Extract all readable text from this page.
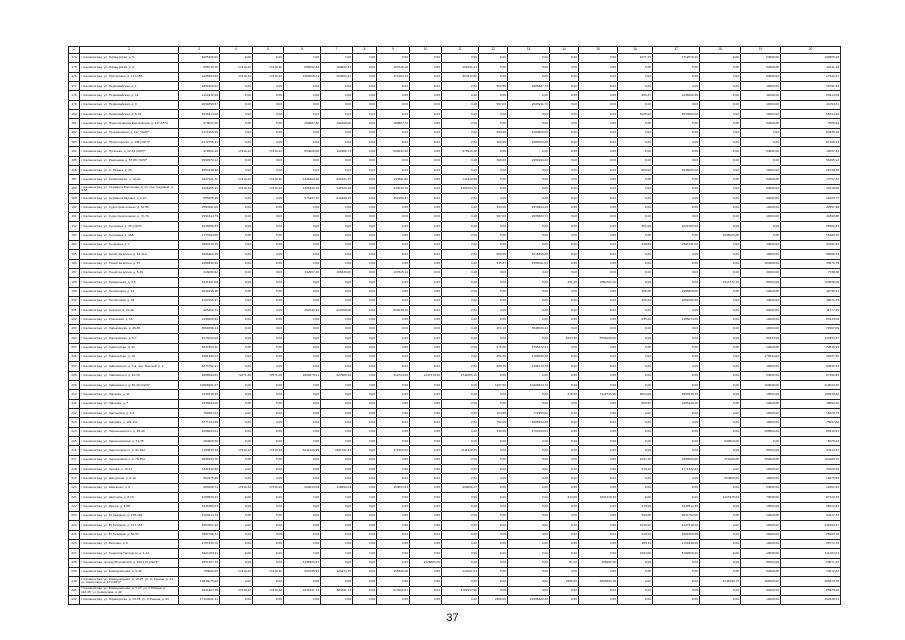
1	2	3	4	5	6	7	8	9	10	11	12	13	14	15	16	17	18	19	20
174	г. Калининград, ул. Офицерская, д. 5	4825325,00	0,00	0,00	0,00	0,00	0,00	0,00	0,00	0,00	0,00	0,00	0,00	0,00	1071,15	4712079,00	0,00	63000,00	100805,40
175	г. Калининград, ул. Офицерская, д. 9	995710,50	17410,42	17410,42	886052,34	160823,31	0,00	167228,18	0,00	251031,21	0,00	0,00	0,00	0,00	0,00	0,00	0,00	63000,00	19411,29
176	г. Калининград, ул. Пастернака, д. 127-155	1165504,80	17410,42	17410,42	1266065,34	204584,41	0,00	371464,13	0,00	623412,50	0,00	0,00	0,00	0,00	0,00	0,00	0,00	63000,00	27342,07
177	г. Калининград, ул. Первомайская, д. 1	1851950,02	0,00	0,00	0,00	0,00	0,00	0,00	0,00	0,00	552,50	1805347,70	0,00	0,00	0,00	0,00	0,00	10000,00	36791,54
178	г. Калининград, ул. Первомайская, д. 14	1314972,69	0,00	0,00	0,00	0,00	0,00	0,00	0,00	0,00	0,00	0,00	0,00	0,00	969,47	1246600,00	0,00	42000,00	26414,69
179	г. Калининград, ул. Первомайская, д. 3	2099396,57	0,00	0,00	0,00	0,00	0,00	0,00	0,00	0,00	597,00	2025211,76	0,00	0,00	0,00	0,00	0,00	10000,00	41154,81
180	г. Калининград, ул. Первомайская, д. 6-12	4616314,00	0,00	0,00	0,00	0,00	0,00	0,00	0,00	0,00	0,00	0,00	0,00	0,00	1025,00	4510000,00	0,00	10000,00	96314,00
181	г. Калининград, ул. Подполковника Емельянова, д. 137-137А	470537,00	0,00	0,00	268687,40	101698,00	0,00	188857,74	0,00	0,00	0,00	0,00	0,00	0,00	0,00	0,00	0,00	63000,00	7585,69
182	г. Калининград, ул. Просвещения, д. 117 (ОКН)*	3171265,56	0,00	0,00	0,00	0,00	0,00	0,00	0,00	0,00	593,00	3100820,00	0,00	0,00	0,00	0,00	0,00	0,00	64435,16
183	г. Калининград, ул. Пролетарская, д. 135 (ОКН)*	4172755,21	0,00	0,00	0,00	0,00	0,00	0,00	0,00	0,00	900,00	4080290,00	0,00	0,00	0,00	0,00	0,00	0,00	87465,21
184	г. Калининград, ул. Пугачева, д. 12-14 (ОКН)*	972006,19	17410,42	17410,42	854008,08	110980,73	0,00	599032,26	0,00	979916,38	0,00	0,00	0,00	0,00	0,00	0,00	0,00	63000,00	18037,39
185	г. Калининград, ул. Радищева, д. 87-89 (ОКН)*	2509673,12	0,00	0,00	0,00	0,00	0,00	0,00	0,00	0,00	300,00	2451194,00	0,00	0,00	0,00	0,00	0,00	0,00	53455,12
186	г. Калининград, ул. С. Разина, д. 26	4657838,98	0,00	0,00	0,00	0,00	0,00	0,00	0,00	0,00	0,00	0,00	0,00	0,00	900,00	4536000,00	0,00	10000,00	92218,40
187	г. Калининград, ул. Сапфировая, д. 14-20	3427011,32	17410,42	17410,42	1328204,28	521031,37	0,00	294811,86	0,00	716110,88	0,00	0,00	0,00	0,00	0,00	0,00	0,00	63000,00	73757,22
188	г. Калининград, ул. Сержанта Колоскова, д. 13, пер. Садовый, д. 4-6А	2416465,91	17410,42	17410,42	1206339,35	941525,18	0,00	434040,78	0,00	1450763,76	0,00	0,00	0,00	0,00	0,00	0,00	0,00	63000,00	49718,68
189	г. Калининград, ул. Сержанта Щукина, д. 2-10	856265,20	0,00	0,00	776467,40	644405,45	0,00	352166,47	0,00	0,00	0,00	0,00	0,00	0,00	0,00	0,00	0,00	63000,00	10428,77
190	г. Калининград, ул. Судостроительная, д. 52-56	2593911,00	0,00	0,00	0,00	0,00	0,00	0,00	0,00	0,00	493,00	2515994,29	0,00	0,00	0,00	0,00	0,00	10000,00	32557,98
191	г. Калининград, ул. Судостроительная, д. 70-70	2564444,79	0,00	0,00	0,00	0,00	0,00	0,00	0,00	0,00	507,00	2505663,71	0,00	0,00	0,00	0,00	0,00	10000,00	41890,68
192	г. Калининград, ул. Тельмана, д. 35 (ОКН)*	4015556,84	0,00	0,00	0,00	0,00	0,00	0,00	0,00	0,00	0,00	0,00	0,00	0,00	861,00	4022100,00	0,00	0,00	86586,84
193	г. Калининград, ул. Тельмана, д. 45А	1777094,86	0,00	0,00	0,00	0,00	0,00	0,00	0,00	0,00	0,00	0,00	0,00	0,00	0,00	0,00	1865020,00	0,00	56189,40
194	г. Калининград, ул. Тельмана, д. 7	2694113,15	0,00	0,00	0,00	0,00	0,00	0,00	0,00	0,00	0,00	0,00	0,00	0,00	448,89	2561911,02	0,00	10000,00	54011,32
195	г. Калининград, ул. Тенистая аллея, д. 31-31А	3298402,20	0,00	0,00	0,00	0,00	0,00	0,00	0,00	0,00	659,00	3216406,00	0,00	0,00	0,00	0,00	0,00	10000,00	68086,33
196	г. Калининград, ул. Тенистая аллея, д. 37	2664846,56	0,00	0,00	0,00	0,00	0,00	0,00	0,00	0,00	515,87	2596091,04	0,00	0,00	0,00	0,00	0,00	193280,00	53575,79
197	г. Калининград, ул. Тенистая аллея, д. 6-10	416096,62	0,00	0,00	342957,16	165249,00	0,00	137626,14	0,00	0,00	0,00	0,00	0,00	0,00	0,00	0,00	0,00	63000,00	7738,38
198	г. Калининград, ул. Тимирязева, д. 3-5	5241391,08	0,00	0,00	0,00	0,00	0,00	0,00	0,00	0,00	0,00	0,00	461,20	2082311,62	0,00	0,00	2114772,76	63000,00	129098,09
199	г. Калининград, ул. Тихорецкая, д. 14	2039195,48	0,00	0,00	0,00	0,00	0,00	0,00	0,00	0,00	0,00	0,00	0,00	0,00	358,00	1965858,00	0,00	10000,00	42745,61
200	г. Калининград, ул. Тихорецкая, д. 33	2197005,97	0,00	0,00	0,00	0,00	0,00	0,00	0,00	0,00	0,00	0,00	0,00	0,00	405,30	2051092,00	0,00	10000,00	45971,77
201	г. Калининград, ул. Томская, д. 22-26	625152,73	0,00	0,00	259746,92	221058,00	0,00	320038,94	0,00	0,00	0,00	0,00	0,00	0,00	0,00	0,00	0,00	63000,00	11777,65
202	г. Калининград, ул. Уральская, д. 16	2440626,92	0,00	0,00	0,00	0,00	0,00	0,00	0,00	0,00	0,00	0,00	0,00	0,00	635,40	2395074,00	0,00	10000,00	50133,00
203	г. Калининград, ул. Харьковская, д. 28-30	3664656,13	0,00	0,00	0,00	0,00	0,00	0,00	0,00	0,00	401,10	3548039,44	0,00	0,00	0,00	0,00	0,00	10000,00	71567,09
204	г. Калининград, ул. Хорьковская, д. 5-7	5776002,00	0,00	0,00	0,00	0,00	0,00	0,00	0,00	0,00	0,00	0,00	1093,30	5596008,00	0,00	0,00	0,00	64333,00	113993,67
205	г. Калининград, ул. Химическая, д. 12	3847553,32	0,00	0,00	0,00	0,00	0,00	0,00	0,00	0,00	675,00	3765272,24	0,00	0,00	0,00	0,00	0,00	10000,00	72816,55
206	г. Калининград, ул. Химическая, д. 19	1981390,03	0,00	0,00	0,00	0,00	0,00	0,00	0,00	0,00	351,36	1795650,48	0,00	0,00	0,00	0,00	0,00	179944,00	39427,56
207	г. Калининград, ул. Чайковского, д. 5-9, пер. Нисский, д. 2	3273752,21	0,00	0,00	0,00	0,00	0,00	0,00	0,00	0,00	828,70	3199178,78	0,00	0,00	0,00	0,00	0,00	10000,00	63930,43
208	г. Калининград, ул. Чайковского, д. 12-18	4858594,63	72271,28	72271,28	2808074,21	627988,12	0,00	412724,00	1247713,00	1744065,19	0,00	0,00	0,00	0,00	0,00	0,00	0,00	63000,00	87296,80
209	г. Калининград, ул. Чайковского, д. 38-40 (ОКН)*	10508961,07	0,00	0,00	0,00	0,00	0,00	0,00	0,00	0,00	1197,60	10404623,72	0,00	0,00	0,00	0,00	0,00	100000,00	219044,39
210	г. Калининград, ул. Чапаева, д. 11	4798118,50	0,00	0,00	0,00	0,00	0,00	0,00	0,00	0,00	0,00	0,00	216,00	1122746,95	6054,00	3560336,70	0,00	10000,00	103918,82
211	г. Калининград, ул. Чапаева, д. 7	2346833,09	0,00	0,00	0,00	0,00	0,00	0,00	0,00	0,00	0,00	0,00	0,00	0,00	505,93	2285140,00	0,00	10000,00	48993,09
212	г. Калининград, ул. Чаплыгина, д. 4-6	798353,63	0,00	0,00	0,00	0,00	0,00	0,00	0,00	0,00	104,89	771950,00	0,00	0,00	0,00	0,00	0,00	10000,00	16478,79
213	г. Калининград, ул. Чапаева, д. 129-131	3777124,68	0,00	0,00	0,00	0,00	0,00	0,00	0,00	0,00	752,00	3685954,46	0,00	0,00	0,00	0,00	0,00	10000,00	75097,88
214	г. Калининград, ул. Чернышевского, д. 49-49	4068004,01	0,00	0,00	0,00	0,00	0,00	0,00	0,00	0,00	730,00	3720109,04	0,00	0,00	0,00	0,00	0,00	265800,00	83316,97
215	г. Калининград, ул. Чернышевская, д. 31-35	264605,59	0,00	0,00	0,00	0,00	0,00	0,00	0,00	0,00	0,00	0,00	0,00	0,00	0,00	0,00	239920,00	0,00	5076,24
216	г. Калининград, ул. Черняховского, д. 43-49А	7180893,42	17410,42	17410,42	3041026,95	4481311,31	0,00	471606,64	0,00	2111228,75	0,00	0,00	0,00	0,00	0,00	0,00	0,00	63000,00	43410,67
217	г. Калининград, ул. Черняховского, д. 76-76А	6996593,70	0,00	0,00	0,00	0,00	0,00	0,00	0,00	0,00	0,00	0,00	0,00	0,00	1047,40	6263500,00	471600,00	100000,00	160285,70
218	г. Калининград, ул. Чехова, д. 15-17	1811942,86	0,00	0,00	0,00	0,00	0,00	0,00	0,00	0,00	0,00	0,00	0,00	0,00	210,40	1771422,83	0,00	10000,00	37009,90
219	г. Калининград, ул. Шатурская, д. 6-10	882275,69	0,00	0,00	0,00	0,00	0,00	0,00	0,00	0,00	0,00	0,00	0,00	0,00	0,00	0,00	854600,00	10000,00	18275,69
220	г. Калининград, ул. Шевченко, д. 6	680408,74	17410,42	17410,42	299013,69	148299,09	0,00	164854,64	0,00	209896,27	0,00	0,00	0,00	0,00	0,00	0,00	0,00	63000,00	12401,64
221	г. Калининград, ул. Шиллера, д. 8-10	4258836,43	0,00	0,00	0,00	0,00	0,00	0,00	0,00	0,00	0,00	0,00	312,00	1691415,40	0,00	0,00	2417675,63	70000,00	87743,39
222	г. Калининград, ул. Щорса, д. 4-6Б	3344286,04	0,00	0,00	0,00	0,00	0,00	0,00	0,00	0,00	0,00	0,00	0,00	0,00	418,00	3242912,20	0,00	10000,00	68373,84
223	г. Калининград, ул. Ю.Гагарина, д. 135-139	5123614,73	0,00	0,00	0,00	0,00	0,00	0,00	0,00	0,00	0,00	0,00	0,00	0,00	693,00	5041792,00	0,00	10000,00	64222,73
224	г. Калининград, ул. Ю.Гагарина, д. 147-151	6257891,92	0,00	0,00	0,00	0,00	0,00	0,00	0,00	0,00	0,00	0,00	0,00	0,00	1035,00	6127518,00	0,00	10000,00	131053,97
225	г. Калининград, ул. Ю.Гагарина, д. 50-52	3687796,71	0,00	0,00	0,00	0,00	0,00	0,00	0,00	0,00	0,00	0,00	0,00	0,00	635,00	3604200,00	0,00	10000,00	75966,78
226	г. Калининград, ул. Якорная, д. 6	1757216,76	0,00	0,00	0,00	0,00	0,00	0,00	0,00	0,00	0,00	0,00	0,00	0,00	265,11	1716448,00	0,00	10000,00	36772,76
227	г. Калининград, ул. Генерала Галицкого, д. 1-1А	5221033,11	0,00	0,00	0,00	0,00	0,00	0,00	0,00	0,00	0,00	0,00	0,00	0,00	1094,00	5299900,00	0,00	10000,00	111403,61
228	г. Калининград, проезд Московский, д. 169-172 (ОКН)*	2867207,76	0,00	0,00	2195965,07	0,00	0,00	0,00	2728885,00	0,00	0,00	0,00	51,02	108202,66	0,00	0,00	0,00	63000,00	60071,40
229	г. Калининград, ул. Коммунальная, д. 6-48	729099,03	17410,42	17410,42	533135,59	126374,70	0,00	156309,28	0,00	243121,51	0,00	0,00	0,00	0,00	0,00	0,00	0,00	63000,00	13972,62
230	г. Калининград, ул. Коммунальная, д. 19-27, ул. С. Разина, д. 34, ул. Комиссара, д. 13 (ОКН)*	12833075,62	0,00	0,00	0,00	0,00	0,00	0,00	0,00	0,00	0,00	0,00	1686,50	9805609,18	0,00	0,00	2745493,75	280000,00	265973,78
231	г. Калининград, ул. Коммунальная, д. 7-17, ул. С.Разина, д. 31б-35, ул. Комиссара, д. 12	4024497,76	17410,42	17410,42	1645191,74	884811,74	0,00	973266,51	0,00	2782937,90	0,00	0,00	0,00	0,00	0,00	0,00	0,00	53200,00	85978,10
232	г. Калининград, ул. Офицерская, д. 15-33, ул. С.Разина, д. 41	17310041,41	0,00	0,00	0,00	0,00	0,00	0,00	0,00	0,00	2305,00	16936422,40	0,00	0,00	0,00	0,00	0,00	10000,00	362438,31
37
